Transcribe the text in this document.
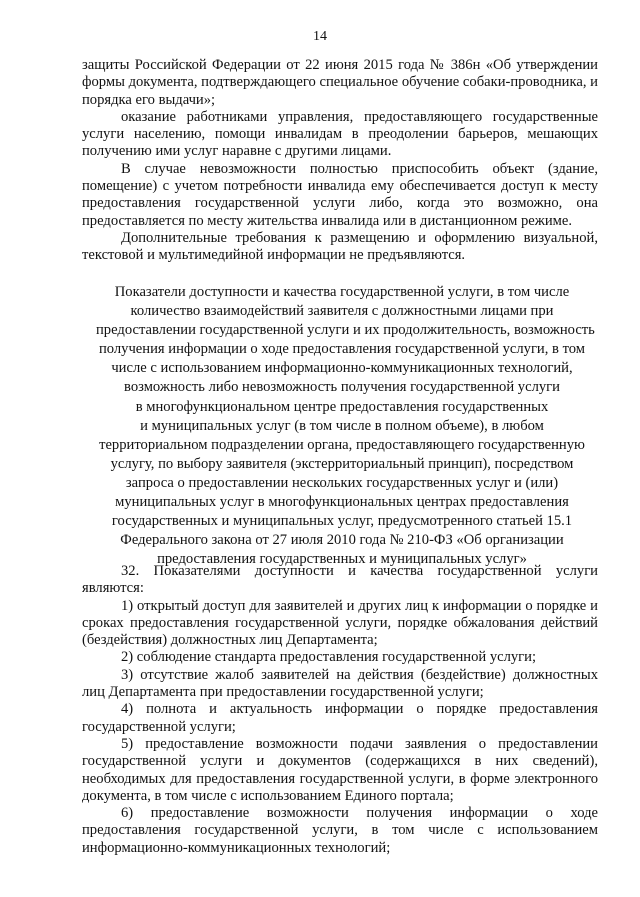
14

защиты Российской Федерации от 22 июня 2015 года № 386н «Об утверждении формы документа, подтверждающего специальное обучение собаки-проводника, и порядка его выдачи»;

оказание работниками управления, предоставляющего государственные услуги населению, помощи инвалидам в преодолении барьеров, мешающих получению ими услуг наравне с другими лицами.

В случае невозможности полностью приспособить объект (здание, помещение) с учетом потребности инвалида ему обеспечивается доступ к месту предоставления государственной услуги либо, когда это возможно, она предоставляется по месту жительства инвалида или в дистанционном режиме.

Дополнительные требования к размещению и оформлению визуальной, текстовой и мультимедийной информации не предъявляются.

Показатели доступности и качества государственной услуги, в том числе
количество взаимодействий заявителя с должностными лицами при
предоставлении государственной услуги и их продолжительность, возможность
получения информации о ходе предоставления государственной услуги, в том
числе с использованием информационно-коммуникационных технологий,
возможность либо невозможность получения государственной услуги
в многофункциональном центре предоставления государственных
и муниципальных услуг (в том числе в полном объеме), в любом
территориальном подразделении органа, предоставляющего государственную
услугу, по выбору заявителя (экстерриториальный принцип), посредством
запроса о предоставлении нескольких государственных услуг и (или)
муниципальных услуг в многофункциональных центрах предоставления
государственных и муниципальных услуг, предусмотренного статьей 15.1
Федерального закона от 27 июля 2010 года № 210-ФЗ «Об организации
предоставления государственных и муниципальных услуг»

32. Показателями доступности и качества государственной услуги являются:

1) открытый доступ для заявителей и других лиц к информации о порядке и сроках предоставления государственной услуги, порядке обжалования действий (бездействия) должностных лиц Департамента;

2) соблюдение стандарта предоставления государственной услуги;

3) отсутствие жалоб заявителей на действия (бездействие) должностных лиц Департамента при предоставлении государственной услуги;

4) полнота и актуальность информации о порядке предоставления государственной услуги;

5) предоставление возможности подачи заявления о предоставлении государственной услуги и документов (содержащихся в них сведений), необходимых для предоставления государственной услуги, в форме электронного документа, в том числе с использованием Единого портала;

6) предоставление возможности получения информации о ходе предоставления государственной услуги, в том числе с использованием информационно-коммуникационных технологий;
